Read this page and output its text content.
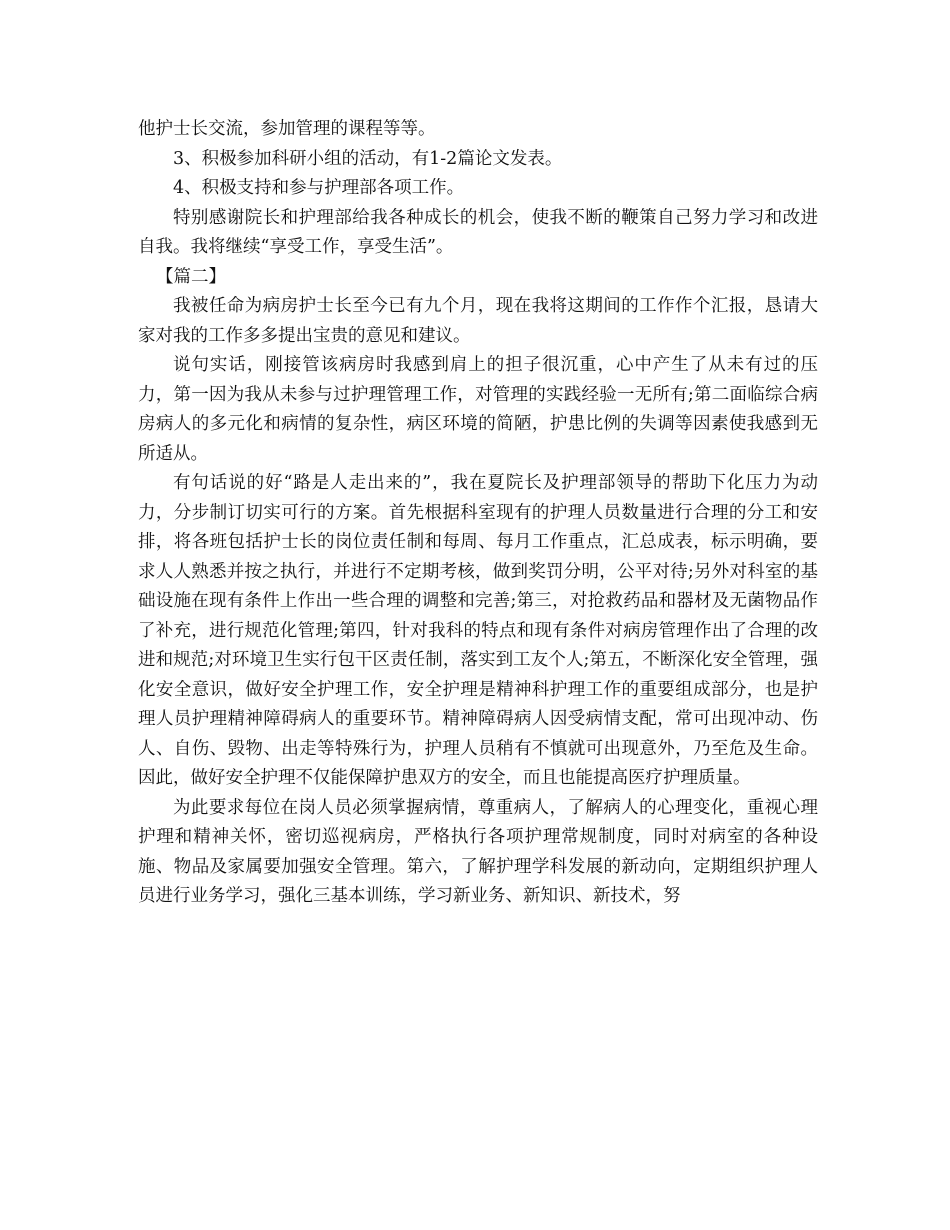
他护士长交流，参加管理的课程等等。

3、积极参加科研小组的活动，有1-2篇论文发表。

4、积极支持和参与护理部各项工作。

特别感谢院长和护理部给我各种成长的机会，使我不断的鞭策自己努力学习和改进自我。我将继续“享受工作，享受生活”。

【篇二】

我被任命为病房护士长至今已有九个月，现在我将这期间的工作作个汇报，恳请大家对我的工作多多提出宝贵的意见和建议。

说句实话，刚接管该病房时我感到肩上的担子很沉重，心中产生了从未有过的压力，第一因为我从未参与过护理管理工作，对管理的实践经验一无所有;第二面临综合病房病人的多元化和病情的复杂性，病区环境的简陋，护患比例的失调等因素使我感到无所适从。

有句话说的好“路是人走出来的”，我在夏院长及护理部领导的帮助下化压力为动力，分步制订切实可行的方案。首先根据科室现有的护理人员数量进行合理的分工和安排，将各班包括护士长的岗位责任制和每周、每月工作重点，汇总成表，标示明确，要求人人熟悉并按之执行，并进行不定期考核，做到奖罚分明，公平对待;另外对科室的基础设施在现有条件上作出一些合理的调整和完善;第三，对抢救药品和器材及无菌物品作了补充，进行规范化管理;第四，针对我科的特点和现有条件对病房管理作出了合理的改进和规范;对环境卫生实行包干区责任制，落实到工友个人;第五，不断深化安全管理，强化安全意识，做好安全护理工作，安全护理是精神科护理工作的重要组成部分，也是护理人员护理精神障碍病人的重要环节。精神障碍病人因受病情支配，常可出现冲动、伤人、自伤、毁物、出走等特殊行为，护理人员稍有不慎就可出现意外，乃至危及生命。因此，做好安全护理不仅能保障护患双方的安全，而且也能提高医疗护理质量。

为此要求每位在岗人员必须掌握病情，尊重病人，了解病人的心理变化，重视心理护理和精神关怀，密切巡视病房，严格执行各项护理常规制度，同时对病室的各种设施、物品及家属要加强安全管理。第六，了解护理学科发展的新动向，定期组织护理人员进行业务学习，强化三基本训练，学习新业务、新知识、新技术，努
